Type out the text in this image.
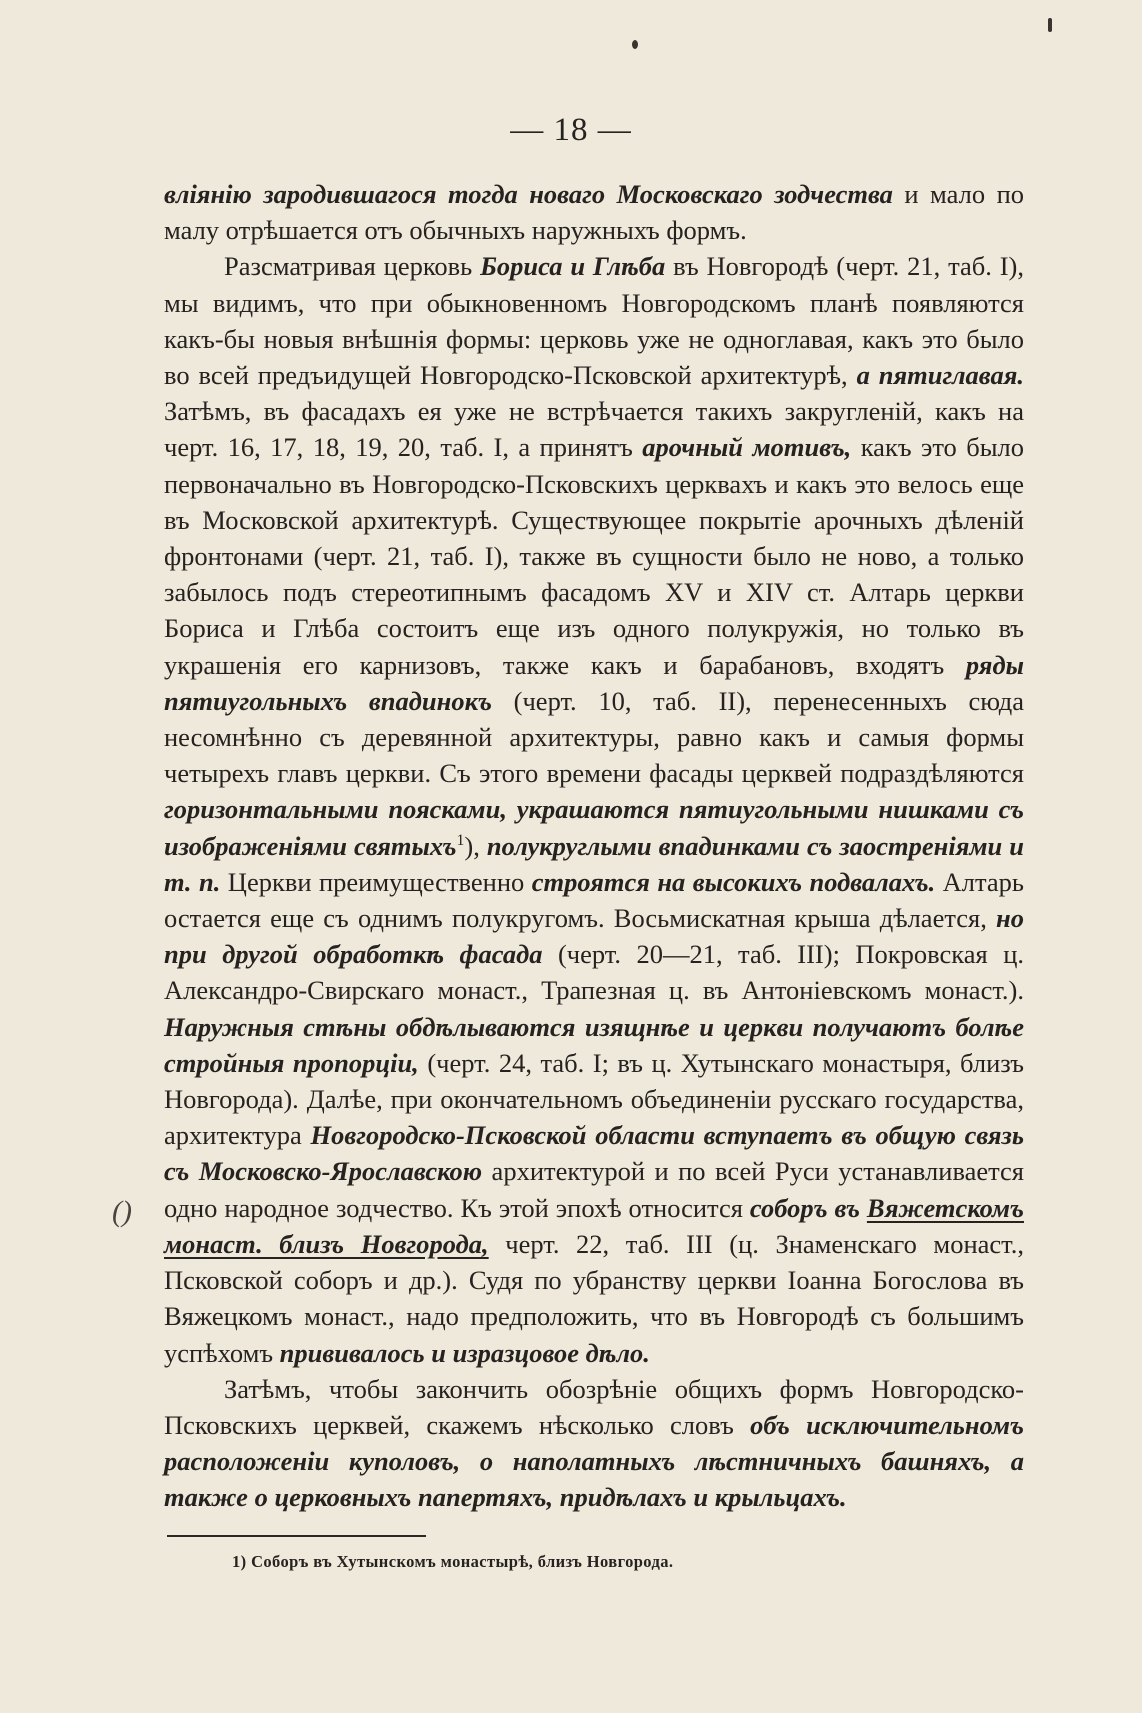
— 18 —

вліянію зародившагося тогда новаго Московскаго зодчества и мало по малу отрѣшается отъ обычныхъ наружныхъ формъ.

Разсматривая церковь Бориса и Глѣба въ Новгородѣ (черт. 21, таб. I), мы видимъ, что при обыкновенномъ Новгородскомъ планѣ появляются какъ-бы новыя внѣшнія формы: церковь уже не одноглавая, какъ это было во всей предъидущей Новгородско-Псковской архитектурѣ, а пятиглавая. Затѣмъ, въ фасадахъ ея уже не встрѣчается такихъ закругленій, какъ на черт. 16, 17, 18, 19, 20, таб. I, а принятъ арочный мотивъ, какъ это было первоначально въ Новгородско-Псковскихъ церквахъ и какъ это велось еще въ Московской архитектурѣ. Существующее покрытіе арочныхъ дѣленій фронтонами (черт. 21, таб. I), также въ сущности было не ново, а только забылось подъ стереотипнымъ фасадомъ XV и XIV ст. Алтарь церкви Бориса и Глѣба состоитъ еще изъ одного полукружія, но только въ украшенія его карнизовъ, также какъ и барабановъ, входятъ ряды пятиугольныхъ впадинокъ (черт. 10, таб. II), перенесенныхъ сюда несомнѣнно съ деревянной архитектуры, равно какъ и самыя формы четырехъ главъ церкви. Съ этого времени фасады церквей подраздѣляются горизонтальными поясками, украшаются пятиугольными нишками съ изображеніями святыхъ$^1$), полукруглыми впадинками съ заостреніями и т. п. Церкви преимущественно строятся на высокихъ подвалахъ. Алтарь остается еще съ однимъ полукругомъ. Восьмискатная крыша дѣлается, но при другой обработкѣ фасада (черт. 20—21, таб. III); Покровская ц. Александро-Свирскаго монаст., Трапезная ц. въ Антоніевскомъ монаст.). Наружныя стѣны обдѣлываются изящнѣе и церкви получаютъ болѣе стройныя пропорціи, (черт. 24, таб. I; въ ц. Хутынскаго монастыря, близъ Новгорода). Далѣе, при окончательномъ объединеніи русскаго государства, архитектура Новгородско-Псковской области вступаетъ въ общую связь съ Московско-Ярославскою архитектурой и по всей Руси устанавливается одно народное зодчество. Къ этой эпохѣ относится соборъ въ Вяжетскомъ монаст. близъ Новгорода, черт. 22, таб. III (ц. Знаменскаго монаст., Псковской соборъ и др.). Судя по убранству церкви Іоанна Богослова въ Вяжецкомъ монаст., надо предположить, что въ Новгородѣ съ большимъ успѣхомъ прививалось и изразцовое дѣло.

Затѣмъ, чтобы закончить обозрѣніе общихъ формъ Новгородско-Псковскихъ церквей, скажемъ нѣсколько словъ объ исключительномъ расположеніи куполовъ, о наполатныхъ лѣстничныхъ башняхъ, а также о церковныхъ папертяхъ, придѣлахъ и крыльцахъ.

()
1) Соборъ въ Хутынскомъ монастырѣ, близъ Новгорода.
